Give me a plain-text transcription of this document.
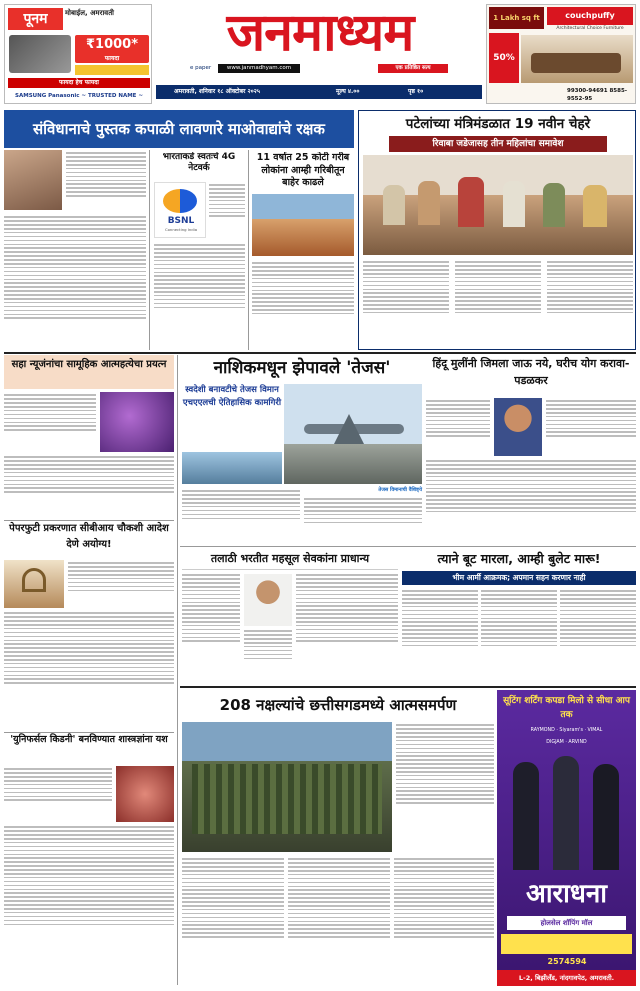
पूनम	मोबाईल, अमरावती
₹1000*
फायदा
फायदा हेच फायदा
SAMSUNG Panasonic ~ TRUSTED NAME ~
जनमाध्यम
e paper	www.janmadhyam.com	एक प्रतिष्ठित सत्य
1 Lakh sq ft	couchpuffy
Architectural Choice Furniture
50%
99300-94691 8585-9552-95
अमरावती, शनिवार १८ ऑक्टोबर २०२५	मूल्य ४.००	पृष्ठ १०
संविधानाचे पुस्तक कपाळी लावणारे माओवाद्यांचे रक्षक
भारताकडे स्वतःचे 4G नेटवर्क
BSNL
Connecting India
11 वर्षात 25 कोटी गरीब लोकांना आम्ही गरिबीतून बाहेर काढले
पटेलांच्या मंत्रिमंडळात 19 नवीन चेहरे
रिवाबा जडेजासह तीन महिलांचा समावेश
सहा न्यूजंनांचा सामूहिक आत्महत्येचा प्रयत्न
पेपरफुटी प्रकरणात सीबीआय चौकशी आदेश देणे अयोग्य!
'युनिफर्सल किडनी' बनविण्यात शास्त्रज्ञांना यश
नाशिकमधून झेपावले 'तेजस'
स्वदेशी बनावटीचे तेजस विमान एचएएलची ऐतिहासिक कामगिरी
तेजस विमानाची वैशिष्ट्ये
हिंदू मुलींनी जिमला जाऊ नये, घरीच योग करावा-पडळकर
तलाठी भरतीत महसूल सेवकांना प्राधान्य	त्याने बूट मारला, आम्ही बुलेट मारू!
भीम आर्मी आक्रमक; अपमान सहन करणार नाही
208 नक्षल्यांचे छत्तीसगडमध्ये आत्मसमर्पण	सूटिंग शर्टिंग कपडा मिलो से सीधा आप तक
RAYMOND · Siyaram's · VIMAL
DIGJAM · ARVIND
आराधना
होलसेल शॉपिंग मॉल
2574594
L-2, बिझीलँड, नांदगावपेठ, अमरावती.
